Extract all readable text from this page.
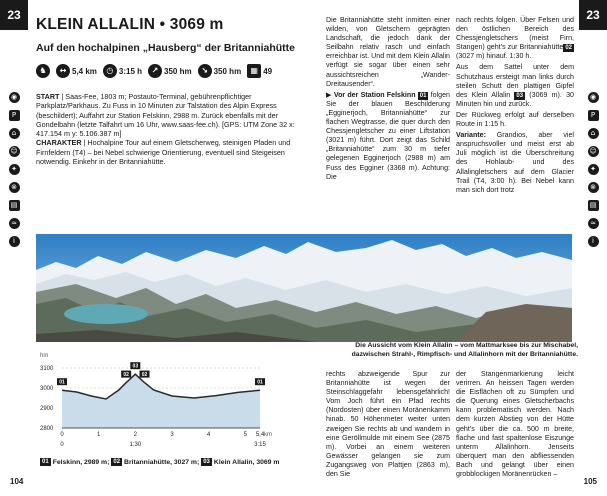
23	23
◉
P
⌂
☺
✦
⊗
▤
≈
i
◉
P
⌂
☺
✦
⊗
▤
≈
i
KLEIN ALLALIN • 3069 m
Auf den hochalpinen „Hausberg“ der Britanniahütte
♞	↔ 5,4 km	◷ 3:15 h	↗ 350 hm	↘ 350 hm	▦ 49
START | Saas-Fee, 1803 m; Postauto-Terminal, gebührenpflichtiger Parkplatz/Parkhaus. Zu Fuss in 10 Minuten zur Talstation des Alpin Express (beschildert); Auffahrt zur Station Felskinn, 2988 m. Zurück ebenfalls mit der Gondelbahn (letzte Talfahrt um 16 Uhr, www.saas-fee.ch). [GPS: UTM Zone 32 x: 417.154 m y: 5.106.387 m]
CHARAKTER | Hochalpine Tour auf einem Gletscherweg, steinigen Pfaden und Firnfeldern (T4) – bei Nebel schwierige Orientierung, eventuell sind Steigeisen notwendig. Einkehr in der Britanniahütte.

Die Britanniahütte steht inmitten einer wilden, von Gletschern geprägten Landschaft, die jedoch dank der Seilbahn relativ rasch und einfach erreichbar ist. Und mit dem Klein Allalin verfügt sie sogar über einen sehr aussichtsreichen „Wander-Dreitausender“.

▶ Vor der Station Felskinn 01 folgen Sie der blauen Beschilderung „Egginerjoch, Britanniahütte“ zur flachen Wegtrasse, die quer durch den Chessjengletscher zu einer Liftstation (3021 m) führt. Dort zeigt das Schild „Britanniahütte“ zum 30 m tiefer gelegenen Egginerjoch (2988 m) am Fuss des Egginer (3368 m). Achtung: Die

nach rechts folgen. Über Felsen und den östlichen Bereich des Chessjengletschers (meist Firn, Stangen) geht’s zur Britanniahütte 02 (3027 m) hinauf. 1:30 h.

Aus dem Sattel unter dem Schutzhaus ersteigt man links durch steilen Schutt den plattigen Gipfel des Klein Allalin 03 (3069 m). 30 Minuten hin und zurück.

Der Rückweg erfolgt auf derselben Route in 1:15 h.

Variante: Grandios, aber viel anspruchsvoller und meist erst ab Juli möglich ist die Überschreitung des Hohlaub- und des Allalingletschers auf dem Glacier Trail (T4, 3:00 h). Bei Nebel kann man sich dort trotz

Die Aussicht vom Klein Allalin – vom Mattmarksee bis zur Mischabel, dazwischen Strahl-, Rimpfisch- und Allalinhorn mit der Britanniahütte.
hm
3100
3000
2900
2800
01
02
03
02
01
0	1	2	3	4	5 5,4 km
0	1:30	3:15
01 Felskinn, 2989 m; 02 Britanniahütte, 3027 m; 03 Klein Allalin, 3069 m
rechts abzweigende Spur zur Britanniahütte ist wegen der Steinschlaggefahr lebensgefährlich! Vom Joch führt ein Pfad rechts (Nordosten) über einen Moränenkamm hinab. 50 Höhenmeter weiter unten zweigen Sie rechts ab und wandern in eine Geröllmulde mit einem See (2875 m). Vorbei an einem weiteren Gewässer gelangen sie zum Zugangsweg von Plattjen (2863 m), den Sie
der Stangenmarkierung leicht verirren. An heissen Tagen werden die Eisflächen oft zu Sümpfen und die Querung eines Gletscherbachs kann problematisch werden. Nach dem kurzen Abstieg von der Hütte geht’s über die ca. 500 m breite, flache und fast spaltenlose Eiszunge unterm Allalinhorn. Jenseits überquert man den abfliessenden Bach und gelangt über einen grobblockigen Moränenrücken –
104	105
